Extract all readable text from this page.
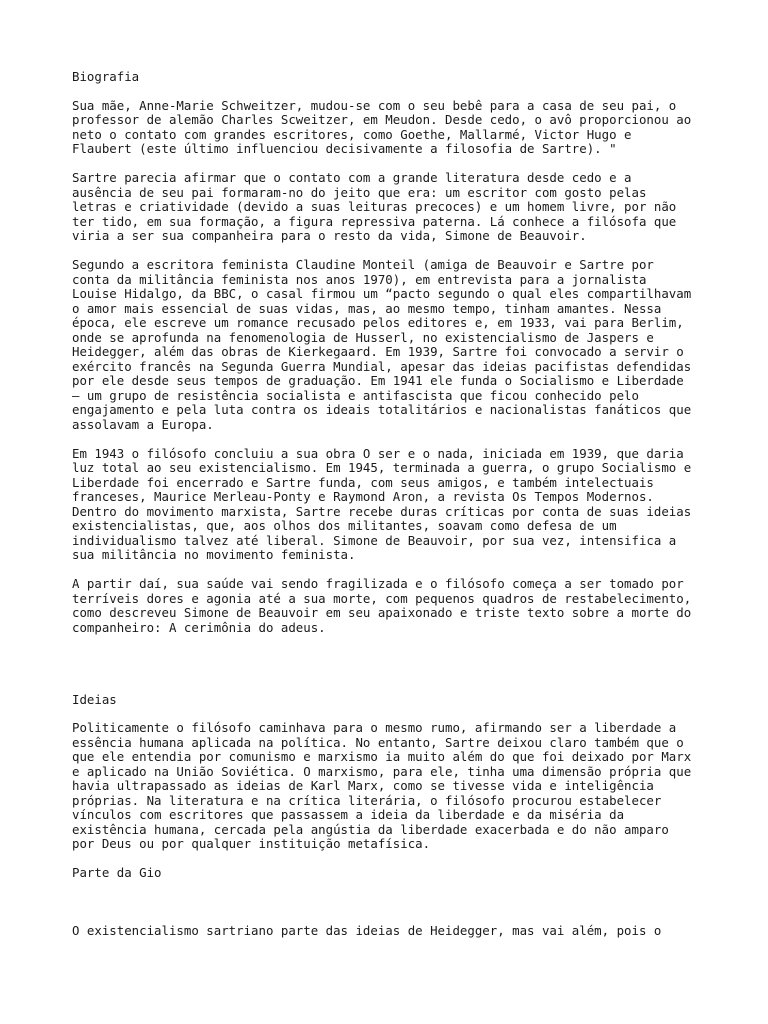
Biografia
Sua mãe, Anne-Marie Schweitzer, mudou-se com o seu bebê para a casa de seu pai, o
professor de alemão Charles Scweitzer, em Meudon. Desde cedo, o avô proporcionou ao
neto o contato com grandes escritores, como Goethe, Mallarmé, Victor Hugo e
Flaubert (este último influenciou decisivamente a filosofia de Sartre). "
Sartre parecia afirmar que o contato com a grande literatura desde cedo e a
ausência de seu pai formaram-no do jeito que era: um escritor com gosto pelas
letras e criatividade (devido a suas leituras precoces) e um homem livre, por não
ter tido, em sua formação, a figura repressiva paterna. Lá conhece a filósofa que
viria a ser sua companheira para o resto da vida, Simone de Beauvoir.
Segundo a escritora feminista Claudine Monteil (amiga de Beauvoir e Sartre por
conta da militância feminista nos anos 1970), em entrevista para a jornalista
Louise Hidalgo, da BBC, o casal firmou um “pacto segundo o qual eles compartilhavam
o amor mais essencial de suas vidas, mas, ao mesmo tempo, tinham amantes. Nessa
época, ele escreve um romance recusado pelos editores e, em 1933, vai para Berlim,
onde se aprofunda na fenomenologia de Husserl, no existencialismo de Jaspers e
Heidegger, além das obras de Kierkegaard. Em 1939, Sartre foi convocado a servir o
exército francês na Segunda Guerra Mundial, apesar das ideias pacifistas defendidas
por ele desde seus tempos de graduação. Em 1941 ele funda o Socialismo e Liberdade
— um grupo de resistência socialista e antifascista que ficou conhecido pelo
engajamento e pela luta contra os ideais totalitários e nacionalistas fanáticos que
assolavam a Europa.
Em 1943 o filósofo concluiu a sua obra O ser e o nada, iniciada em 1939, que daria
luz total ao seu existencialismo. Em 1945, terminada a guerra, o grupo Socialismo e
Liberdade foi encerrado e Sartre funda, com seus amigos, e também intelectuais
franceses, Maurice Merleau-Ponty e Raymond Aron, a revista Os Tempos Modernos.
Dentro do movimento marxista, Sartre recebe duras críticas por conta de suas ideias
existencialistas, que, aos olhos dos militantes, soavam como defesa de um
individualismo talvez até liberal. Simone de Beauvoir, por sua vez, intensifica a
sua militância no movimento feminista.
A partir daí, sua saúde vai sendo fragilizada e o filósofo começa a ser tomado por
terríveis dores e agonia até a sua morte, com pequenos quadros de restabelecimento,
como descreveu Simone de Beauvoir em seu apaixonado e triste texto sobre a morte do
companheiro: A cerimônia do adeus.
Ideias
Politicamente o filósofo caminhava para o mesmo rumo, afirmando ser a liberdade a
essência humana aplicada na política. No entanto, Sartre deixou claro também que o
que ele entendia por comunismo e marxismo ia muito além do que foi deixado por Marx
e aplicado na União Soviética. O marxismo, para ele, tinha uma dimensão própria que
havia ultrapassado as ideias de Karl Marx, como se tivesse vida e inteligência
próprias. Na literatura e na crítica literária, o filósofo procurou estabelecer
vínculos com escritores que passassem a ideia da liberdade e da miséria da
existência humana, cercada pela angústia da liberdade exacerbada e do não amparo
por Deus ou por qualquer instituição metafísica.
Parte da Gio
O existencialismo sartriano parte das ideias de Heidegger, mas vai além, pois o
